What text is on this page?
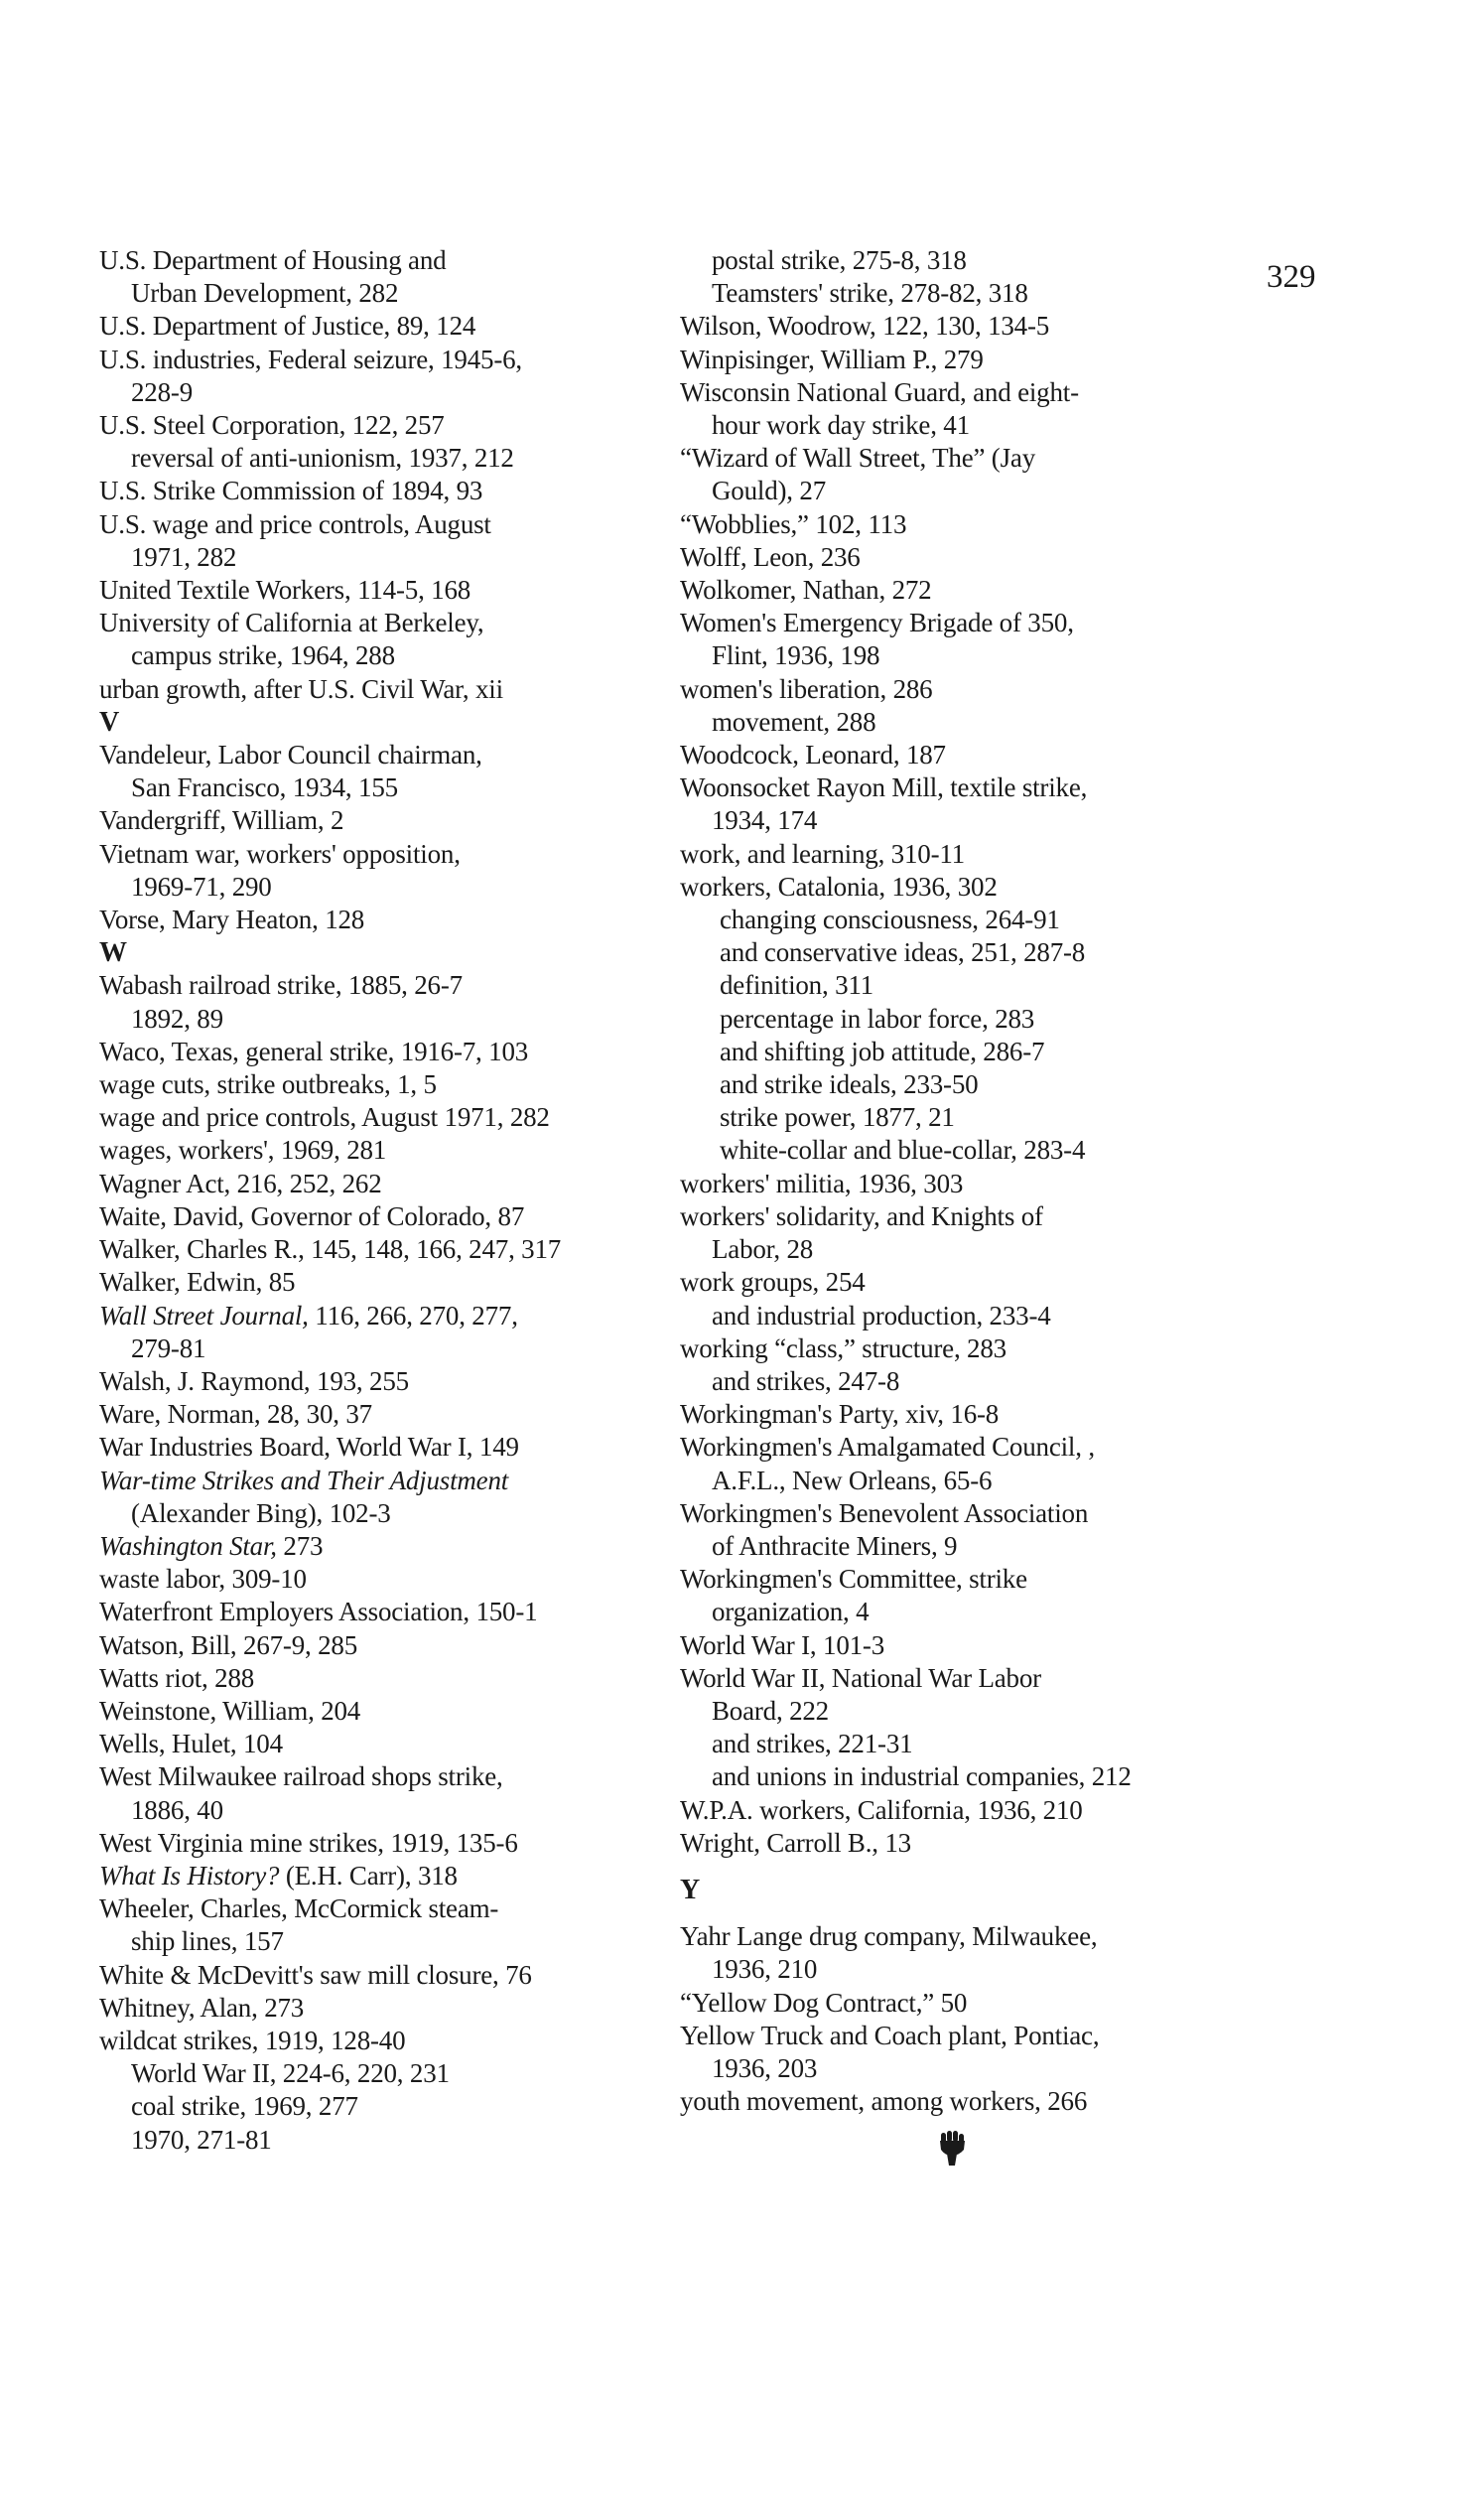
U.S. Department of Housing and
Urban Development, 282
U.S. Department of Justice, 89, 124
U.S. industries, Federal seizure, 1945-6,
228-9
U.S. Steel Corporation, 122, 257
reversal of anti-unionism, 1937, 212
U.S. Strike Commission of 1894, 93
U.S. wage and price controls, August
1971, 282
United Textile Workers, 114-5, 168
University of California at Berkeley,
campus strike, 1964, 288
urban growth, after U.S. Civil War, xii
V
Vandeleur, Labor Council chairman,
San Francisco, 1934, 155
Vandergriff, William, 2
Vietnam war, workers' opposition,
1969-71, 290
Vorse, Mary Heaton, 128
W
Wabash railroad strike, 1885, 26-7
1892, 89
Waco, Texas, general strike, 1916-7, 103
wage cuts, strike outbreaks, 1, 5
wage and price controls, August 1971, 282
wages, workers', 1969, 281
Wagner Act, 216, 252, 262
Waite, David, Governor of Colorado, 87
Walker, Charles R., 145, 148, 166, 247, 317
Walker, Edwin, 85
Wall Street Journal, 116, 266, 270, 277,
279-81
Walsh, J. Raymond, 193, 255
Ware, Norman, 28, 30, 37
War Industries Board, World War I, 149
War-time Strikes and Their Adjustment
(Alexander Bing), 102-3
Washington Star, 273
waste labor, 309-10
Waterfront Employers Association, 150-1
Watson, Bill, 267-9, 285
Watts riot, 288
Weinstone, William, 204
Wells, Hulet, 104
West Milwaukee railroad shops strike,
1886, 40
West Virginia mine strikes, 1919, 135-6
What Is History? (E.H. Carr), 318
Wheeler, Charles, McCormick steam-
ship lines, 157
White & McDevitt's saw mill closure, 76
Whitney, Alan, 273
wildcat strikes, 1919, 128-40
World War II, 224-6, 220, 231
coal strike, 1969, 277
1970, 271-81
postal strike, 275-8, 318
Teamsters' strike, 278-82, 318
Wilson, Woodrow, 122, 130, 134-5
Winpisinger, William P., 279
Wisconsin National Guard, and eight-
hour work day strike, 41
“Wizard of Wall Street, The” (Jay
Gould), 27
“Wobblies,” 102, 113
Wolff, Leon, 236
Wolkomer, Nathan, 272
Women's Emergency Brigade of 350,
Flint, 1936, 198
women's liberation, 286
movement, 288
Woodcock, Leonard, 187
Woonsocket Rayon Mill, textile strike,
1934, 174
work, and learning, 310-11
workers, Catalonia, 1936, 302
changing consciousness, 264-91
and conservative ideas, 251, 287-8
definition, 311
percentage in labor force, 283
and shifting job attitude, 286-7
and strike ideals, 233-50
strike power, 1877, 21
white-collar and blue-collar, 283-4
workers' militia, 1936, 303
workers' solidarity, and Knights of
Labor, 28
work groups, 254
and industrial production, 233-4
working “class,” structure, 283
and strikes, 247-8
Workingman's Party, xiv, 16-8
Workingmen's Amalgamated Council, ,
A.F.L., New Orleans, 65-6
Workingmen's Benevolent Association
of Anthracite Miners, 9
Workingmen's Committee, strike
organization, 4
World War I, 101-3
World War II, National War Labor
Board, 222
and strikes, 221-31
and unions in industrial companies, 212
W.P.A. workers, California, 1936, 210
Wright, Carroll B., 13
Y
Yahr Lange drug company, Milwaukee,
1936, 210
“Yellow Dog Contract,” 50
Yellow Truck and Coach plant, Pontiac,
1936, 203
youth movement, among workers, 266
329
